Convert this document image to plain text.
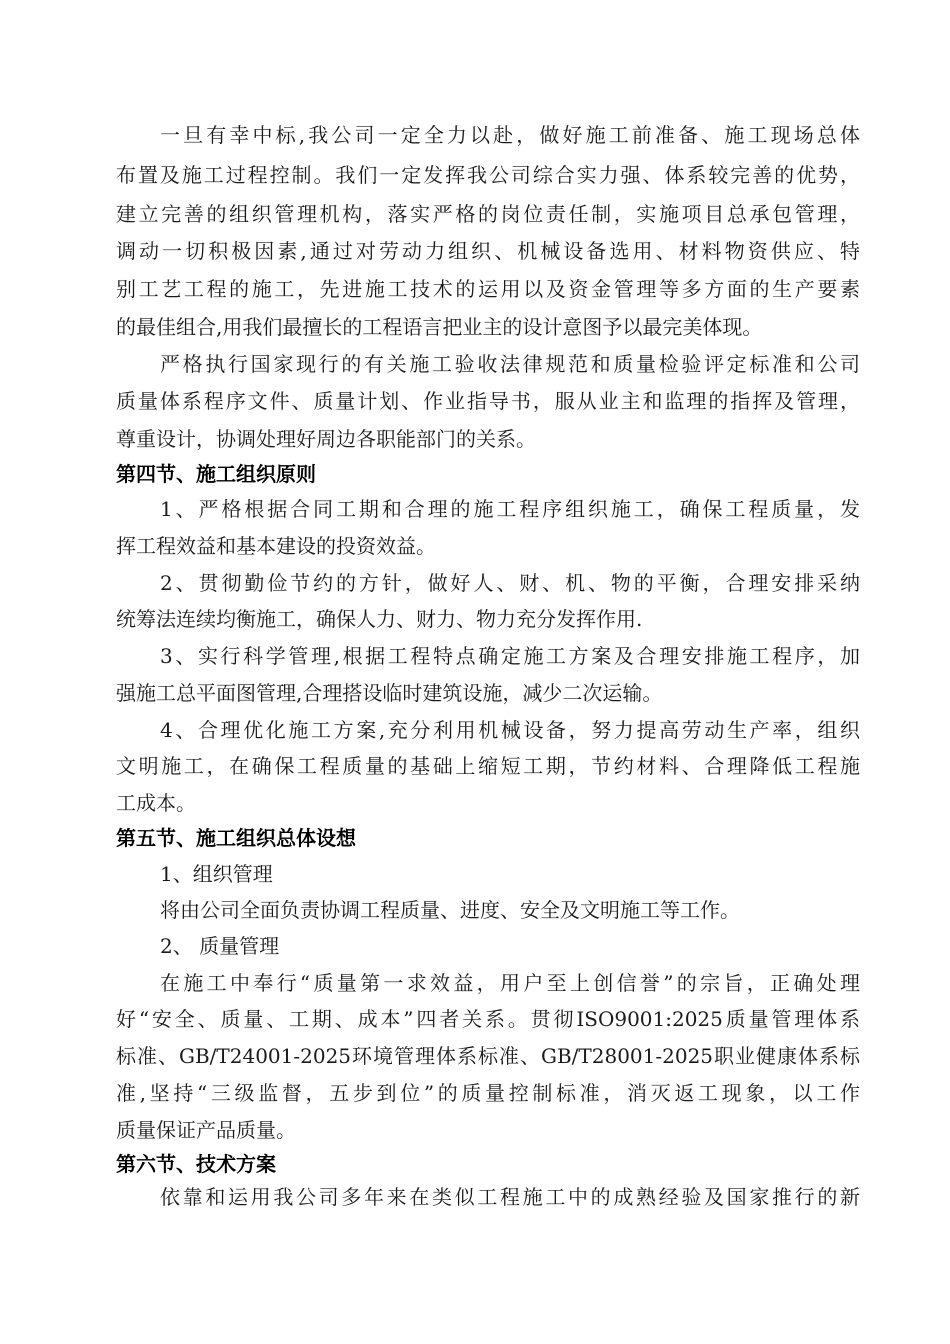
一旦有幸中标,我公司一定全力以赴，做好施工前准备、施工现场总体
布置及施工过程控制。我们一定发挥我公司综合实力强、体系较完善的优势，
建立完善的组织管理机构，落实严格的岗位责任制，实施项目总承包管理，
调动一切积极因素,通过对劳动力组织、机械设备选用、材料物资供应、特
别工艺工程的施工，先进施工技术的运用以及资金管理等多方面的生产要素
的最佳组合,用我们最擅长的工程语言把业主的设计意图予以最完美体现。
严格执行国家现行的有关施工验收法律规范和质量检验评定标准和公司
质量体系程序文件、质量计划、作业指导书，服从业主和监理的指挥及管理，
尊重设计，协调处理好周边各职能部门的关系。
第四节、施工组织原则
1、严格根据合同工期和合理的施工程序组织施工，确保工程质量，发
挥工程效益和基本建设的投资效益。
2、贯彻勤俭节约的方针，做好人、财、机、物的平衡，合理安排采纳
统筹法连续均衡施工，确保人力、财力、物力充分发挥作用.
3、实行科学管理,根据工程特点确定施工方案及合理安排施工程序，加
强施工总平面图管理,合理搭设临时建筑设施，减少二次运输。
4、合理优化施工方案,充分利用机械设备，努力提高劳动生产率，组织
文明施工，在确保工程质量的基础上缩短工期，节约材料、合理降低工程施
工成本。
第五节、施工组织总体设想
1、组织管理
将由公司全面负责协调工程质量、进度、安全及文明施工等工作。
2、 质量管理
在施工中奉行“质量第一求效益，用户至上创信誉”的宗旨，正确处理
好“安全、质量、工期、成本”四者关系。贯彻ISO9001:2025质量管理体系
标准、GB/T24001-2025环境管理体系标准、GB/T28001-2025职业健康体系标
准,坚持“三级监督，五步到位”的质量控制标准，消灭返工现象，以工作
质量保证产品质量。
第六节、技术方案
依靠和运用我公司多年来在类似工程施工中的成熟经验及国家推行的新
